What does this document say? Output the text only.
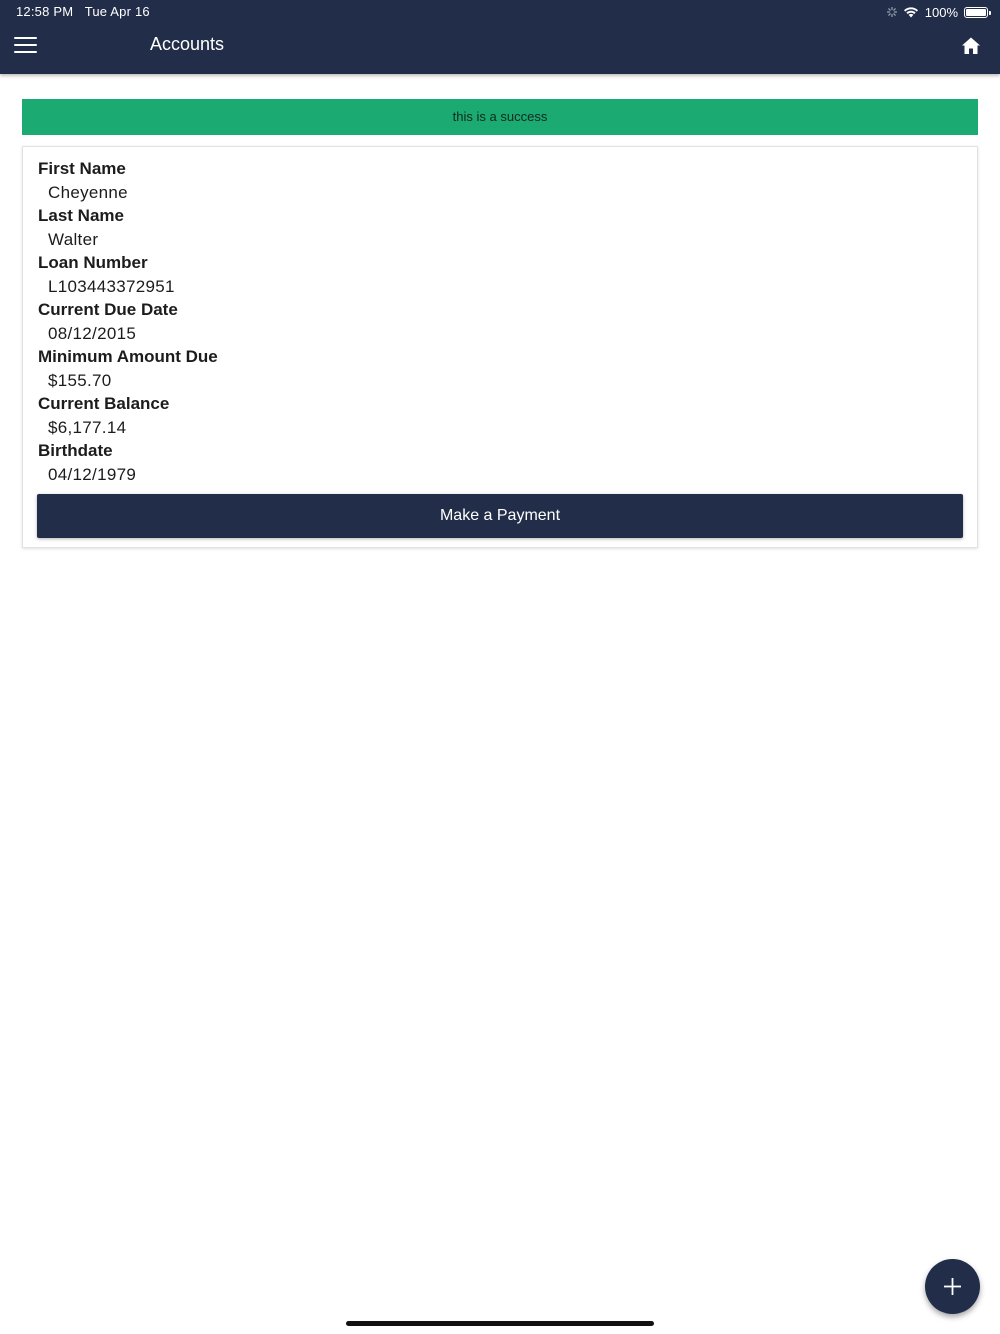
12:58 PM Tue Apr 16	100%
Accounts
this is a success
First Name
Cheyenne
Last Name
Walter
Loan Number
L103443372951
Current Due Date
08/12/2015
Minimum Amount Due
$155.70
Current Balance
$6,177.14
Birthdate
04/12/1979
Make a Payment
